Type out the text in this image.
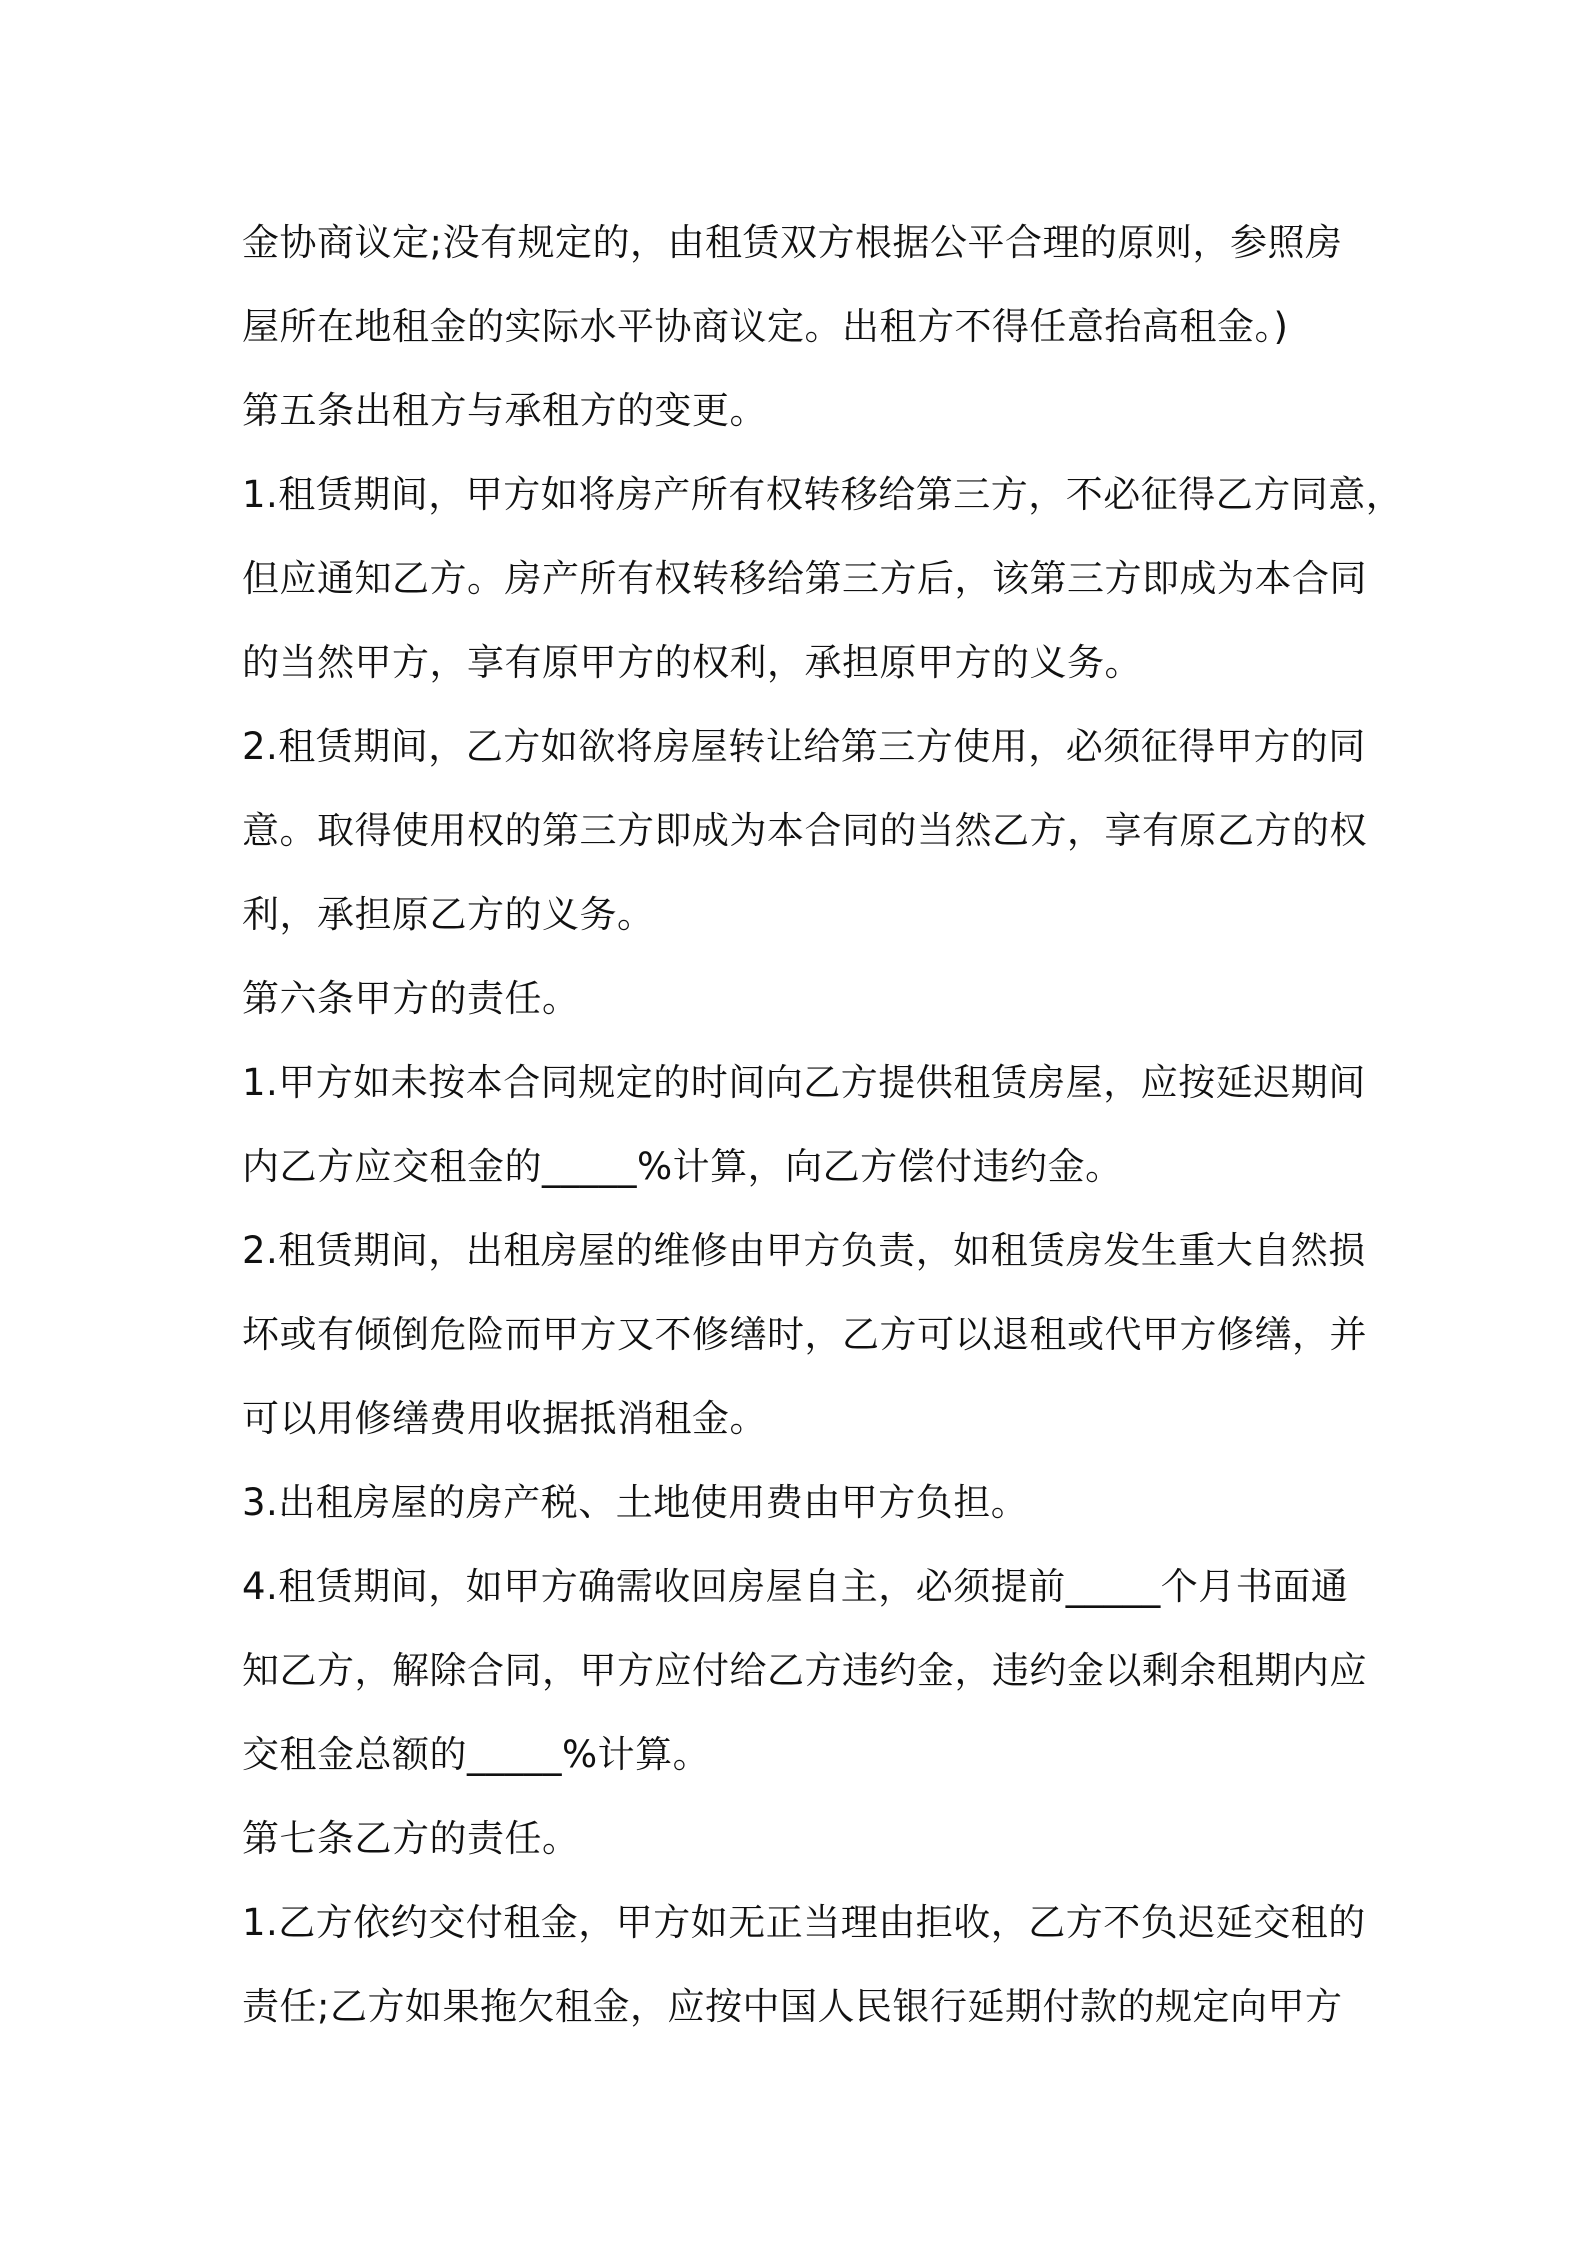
金协商议定;没有规定的，由租赁双方根据公平合理的原则，参照房
屋所在地租金的实际水平协商议定。出租方不得任意抬高租金。)
第五条出租方与承租方的变更。
1.租赁期间，甲方如将房产所有权转移给第三方，不必征得乙方同意，
但应通知乙方。房产所有权转移给第三方后，该第三方即成为本合同
的当然甲方，享有原甲方的权利，承担原甲方的义务。
2.租赁期间，乙方如欲将房屋转让给第三方使用，必须征得甲方的同
意。取得使用权的第三方即成为本合同的当然乙方，享有原乙方的权
利，承担原乙方的义务。
第六条甲方的责任。
1.甲方如未按本合同规定的时间向乙方提供租赁房屋，应按延迟期间
内乙方应交租金的_____%计算，向乙方偿付违约金。
2.租赁期间，出租房屋的维修由甲方负责，如租赁房发生重大自然损
坏或有倾倒危险而甲方又不修缮时，乙方可以退租或代甲方修缮，并
可以用修缮费用收据抵消租金。
3.出租房屋的房产税、土地使用费由甲方负担。
4.租赁期间，如甲方确需收回房屋自主，必须提前_____个月书面通
知乙方，解除合同，甲方应付给乙方违约金，违约金以剩余租期内应
交租金总额的_____%计算。
第七条乙方的责任。
1.乙方依约交付租金，甲方如无正当理由拒收，乙方不负迟延交租的
责任;乙方如果拖欠租金，应按中国人民银行延期付款的规定向甲方
